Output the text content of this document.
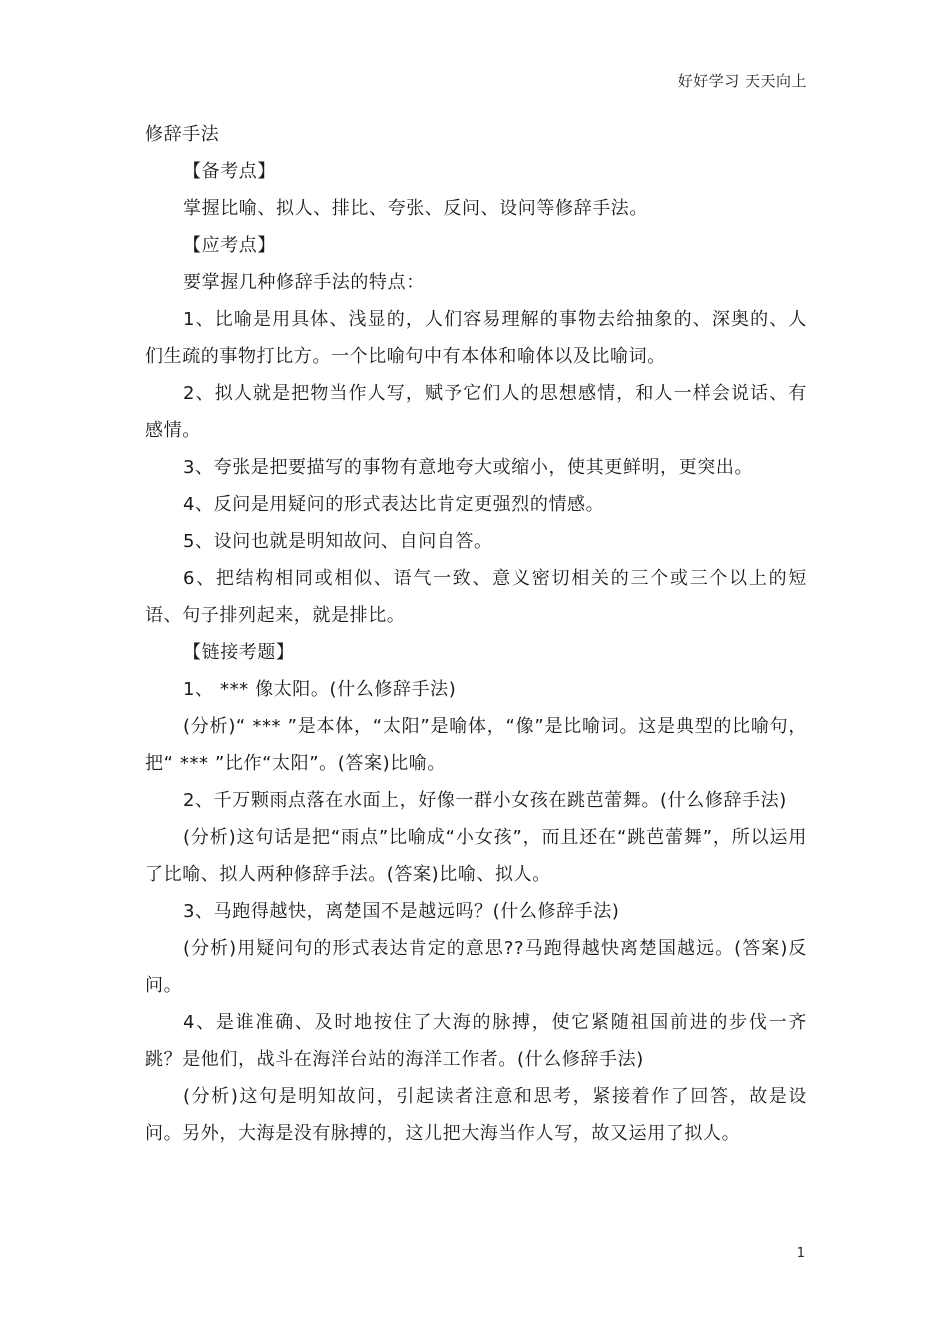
好好学习 天天向上

修辞手法

【备考点】

掌握比喻、拟人、排比、夸张、反问、设问等修辞手法。

【应考点】

要掌握几种修辞手法的特点：

1、比喻是用具体、浅显的，人们容易理解的事物去给抽象的、深奥的、人们生疏的事物打比方。一个比喻句中有本体和喻体以及比喻词。

2、拟人就是把物当作人写，赋予它们人的思想感情，和人一样会说话、有感情。

3、夸张是把要描写的事物有意地夸大或缩小，使其更鲜明，更突出。

4、反问是用疑问的形式表达比肯定更强烈的情感。

5、设问也就是明知故问、自问自答。

6、把结构相同或相似、语气一致、意义密切相关的三个或三个以上的短语、句子排列起来，就是排比。

【链接考题】

1、 *** 像太阳。(什么修辞手法)

(分析)“ *** ”是本体，“太阳”是喻体，“像”是比喻词。这是典型的比喻句，把“ *** ”比作“太阳”。(答案)比喻。

2、千万颗雨点落在水面上，好像一群小女孩在跳芭蕾舞。(什么修辞手法)

(分析)这句话是把“雨点”比喻成“小女孩”，而且还在“跳芭蕾舞”，所以运用了比喻、拟人两种修辞手法。(答案)比喻、拟人。

3、马跑得越快，离楚国不是越远吗？(什么修辞手法)

(分析)用疑问句的形式表达肯定的意思??马跑得越快离楚国越远。(答案)反问。

4、是谁准确、及时地按住了大海的脉搏，使它紧随祖国前进的步伐一齐跳？是他们，战斗在海洋台站的海洋工作者。(什么修辞手法)

(分析)这句是明知故问，引起读者注意和思考，紧接着作了回答，故是设问。另外，大海是没有脉搏的，这儿把大海当作人写，故又运用了拟人。

1
